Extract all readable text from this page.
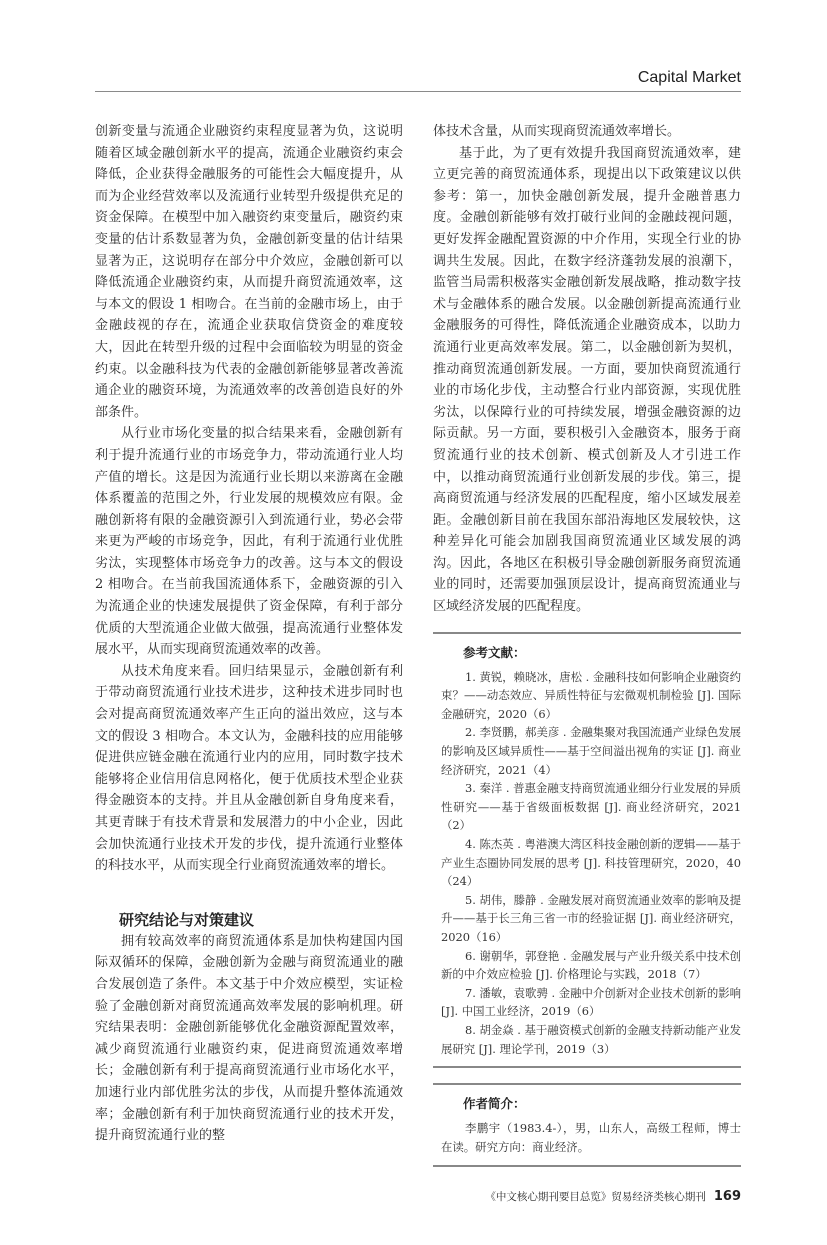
Capital Market

创新变量与流通企业融资约束程度显著为负，这说明随着区域金融创新水平的提高，流通企业融资约束会降低，企业获得金融服务的可能性会大幅度提升，从而为企业经营效率以及流通行业转型升级提供充足的资金保障。在模型中加入融资约束变量后，融资约束变量的估计系数显著为负，金融创新变量的估计结果显著为正，这说明存在部分中介效应，金融创新可以降低流通企业融资约束，从而提升商贸流通效率，这与本文的假设 1 相吻合。在当前的金融市场上，由于金融歧视的存在，流通企业获取信贷资金的难度较大，因此在转型升级的过程中会面临较为明显的资金约束。以金融科技为代表的金融创新能够显著改善流通企业的融资环境，为流通效率的改善创造良好的外部条件。

从行业市场化变量的拟合结果来看，金融创新有利于提升流通行业的市场竞争力，带动流通行业人均产值的增长。这是因为流通行业长期以来游离在金融体系覆盖的范围之外，行业发展的规模效应有限。金融创新将有限的金融资源引入到流通行业，势必会带来更为严峻的市场竞争，因此，有利于流通行业优胜劣汰，实现整体市场竞争力的改善。这与本文的假设 2 相吻合。在当前我国流通体系下，金融资源的引入为流通企业的快速发展提供了资金保障，有利于部分优质的大型流通企业做大做强，提高流通行业整体发展水平，从而实现商贸流通效率的改善。

从技术角度来看。回归结果显示，金融创新有利于带动商贸流通行业技术进步，这种技术进步同时也会对提高商贸流通效率产生正向的溢出效应，这与本文的假设 3 相吻合。本文认为，金融科技的应用能够促进供应链金融在流通行业内的应用，同时数字技术能够将企业信用信息网格化，便于优质技术型企业获得金融资本的支持。并且从金融创新自身角度来看，其更青睐于有技术背景和发展潜力的中小企业，因此会加快流通行业技术开发的步伐，提升流通行业整体的科技水平，从而实现全行业商贸流通效率的增长。

研究结论与对策建议

拥有较高效率的商贸流通体系是加快构建国内国际双循环的保障，金融创新为金融与商贸流通业的融合发展创造了条件。本文基于中介效应模型，实证检验了金融创新对商贸流通高效率发展的影响机理。研究结果表明：金融创新能够优化金融资源配置效率，减少商贸流通行业融资约束，促进商贸流通效率增长；金融创新有利于提高商贸流通行业市场化水平，加速行业内部优胜劣汰的步伐，从而提升整体流通效率；金融创新有利于加快商贸流通行业的技术开发，提升商贸流通行业的整

体技术含量，从而实现商贸流通效率增长。

基于此，为了更有效提升我国商贸流通效率，建立更完善的商贸流通体系，现提出以下政策建议以供参考：第一，加快金融创新发展，提升金融普惠力度。金融创新能够有效打破行业间的金融歧视问题，更好发挥金融配置资源的中介作用，实现全行业的协调共生发展。因此，在数字经济蓬勃发展的浪潮下，监管当局需积极落实金融创新发展战略，推动数字技术与金融体系的融合发展。以金融创新提高流通行业金融服务的可得性，降低流通企业融资成本，以助力流通行业更高效率发展。第二，以金融创新为契机，推动商贸流通创新发展。一方面，要加快商贸流通行业的市场化步伐，主动整合行业内部资源，实现优胜劣汰，以保障行业的可持续发展，增强金融资源的边际贡献。另一方面，要积极引入金融资本，服务于商贸流通行业的技术创新、模式创新及人才引进工作中，以推动商贸流通行业创新发展的步伐。第三，提高商贸流通与经济发展的匹配程度，缩小区域发展差距。金融创新目前在我国东部沿海地区发展较快，这种差异化可能会加剧我国商贸流通业区域发展的鸿沟。因此，各地区在积极引导金融创新服务商贸流通业的同时，还需要加强顶层设计，提高商贸流通业与区域经济发展的匹配程度。

参考文献：

1. 黄锐，赖晓冰，唐松 . 金融科技如何影响企业融资约束？——动态效应、异质性特征与宏微观机制检验 [J]. 国际金融研究，2020（6）

2. 李贤鹏，郝美彦 . 金融集聚对我国流通产业绿色发展的影响及区域异质性——基于空间溢出视角的实证 [J]. 商业经济研究，2021（4）

3. 秦洋 . 普惠金融支持商贸流通业细分行业发展的异质性研究——基于省级面板数据 [J]. 商业经济研究，2021（2）

4. 陈杰英 . 粤港澳大湾区科技金融创新的逻辑——基于产业生态圈协同发展的思考 [J]. 科技管理研究，2020，40（24）

5. 胡伟，滕静 . 金融发展对商贸流通业效率的影响及提升——基于长三角三省一市的经验证据 [J]. 商业经济研究，2020（16）

6. 谢朝华，郭登艳 . 金融发展与产业升级关系中技术创新的中介效应检验 [J]. 价格理论与实践，2018（7）

7. 潘敏，袁歌骋 . 金融中介创新对企业技术创新的影响 [J]. 中国工业经济，2019（6）

8. 胡金焱 . 基于融资模式创新的金融支持新动能产业发展研究 [J]. 理论学刊，2019（3）

作者简介：

李鹏宇（1983.4-），男，山东人，高级工程师，博士在读。研究方向：商业经济。

《中文核心期刊要目总览》贸易经济类核心期刊 169
